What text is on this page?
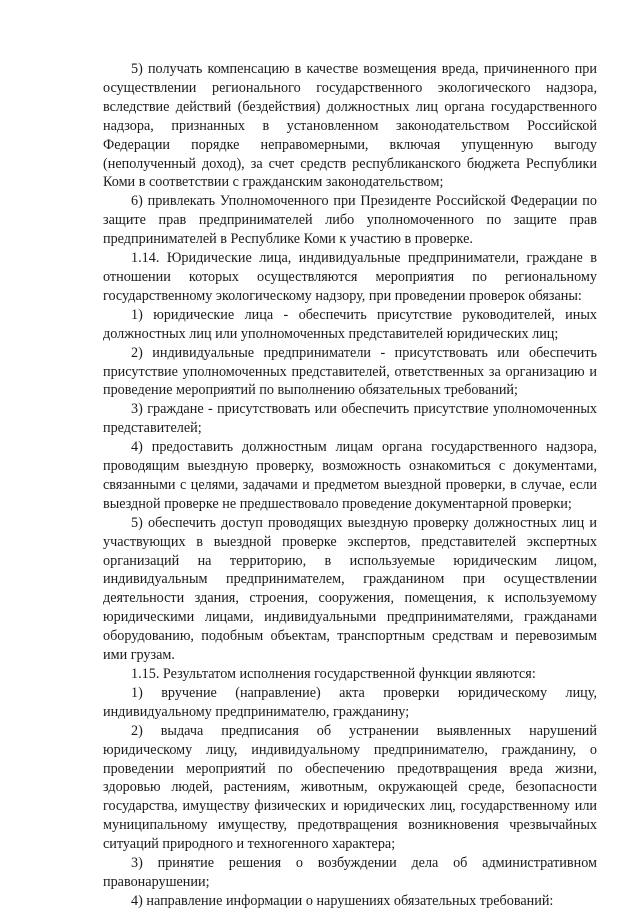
5) получать компенсацию в качестве возмещения вреда, причиненного при осуществлении регионального государственного экологического надзора, вследствие действий (бездействия) должностных лиц органа государственного надзора, признанных в установленном законодательством Российской Федерации порядке неправомерными, включая упущенную выгоду (неполученный доход), за счет средств республиканского бюджета Республики Коми в соответствии с гражданским законодательством;

6) привлекать Уполномоченного при Президенте Российской Федерации по защите прав предпринимателей либо уполномоченного по защите прав предпринимателей в Республике Коми к участию в проверке.

1.14. Юридические лица, индивидуальные предприниматели, граждане в отношении которых осуществляются мероприятия по региональному государственному экологическому надзору, при проведении проверок обязаны:

1) юридические лица - обеспечить присутствие руководителей, иных должностных лиц или уполномоченных представителей юридических лиц;

2) индивидуальные предприниматели - присутствовать или обеспечить присутствие уполномоченных представителей, ответственных за организацию и проведение мероприятий по выполнению обязательных требований;

3) граждане - присутствовать или обеспечить присутствие уполномоченных представителей;

4) предоставить должностным лицам органа государственного надзора, проводящим выездную проверку, возможность ознакомиться с документами, связанными с целями, задачами и предметом выездной проверки, в случае, если выездной проверке не предшествовало проведение документарной проверки;

5) обеспечить доступ проводящих выездную проверку должностных лиц и участвующих в выездной проверке экспертов, представителей экспертных организаций на территорию, в используемые юридическим лицом, индивидуальным предпринимателем, гражданином при осуществлении деятельности здания, строения, сооружения, помещения, к используемому юридическими лицами, индивидуальными предпринимателями, гражданами оборудованию, подобным объектам, транспортным средствам и перевозимым ими грузам.

1.15. Результатом исполнения государственной функции являются:

1) вручение (направление) акта проверки юридическому лицу, индивидуальному предпринимателю, гражданину;

2) выдача предписания об устранении выявленных нарушений юридическому лицу, индивидуальному предпринимателю, гражданину, о проведении мероприятий по обеспечению предотвращения вреда жизни, здоровью людей, растениям, животным, окружающей среде, безопасности государства, имуществу физических и юридических лиц, государственному или муниципальному имуществу, предотвращения возникновения чрезвычайных ситуаций природного и техногенного характера;

3) принятие решения о возбуждении дела об административном правонарушении;

4) направление информации о нарушениях обязательных требований:
